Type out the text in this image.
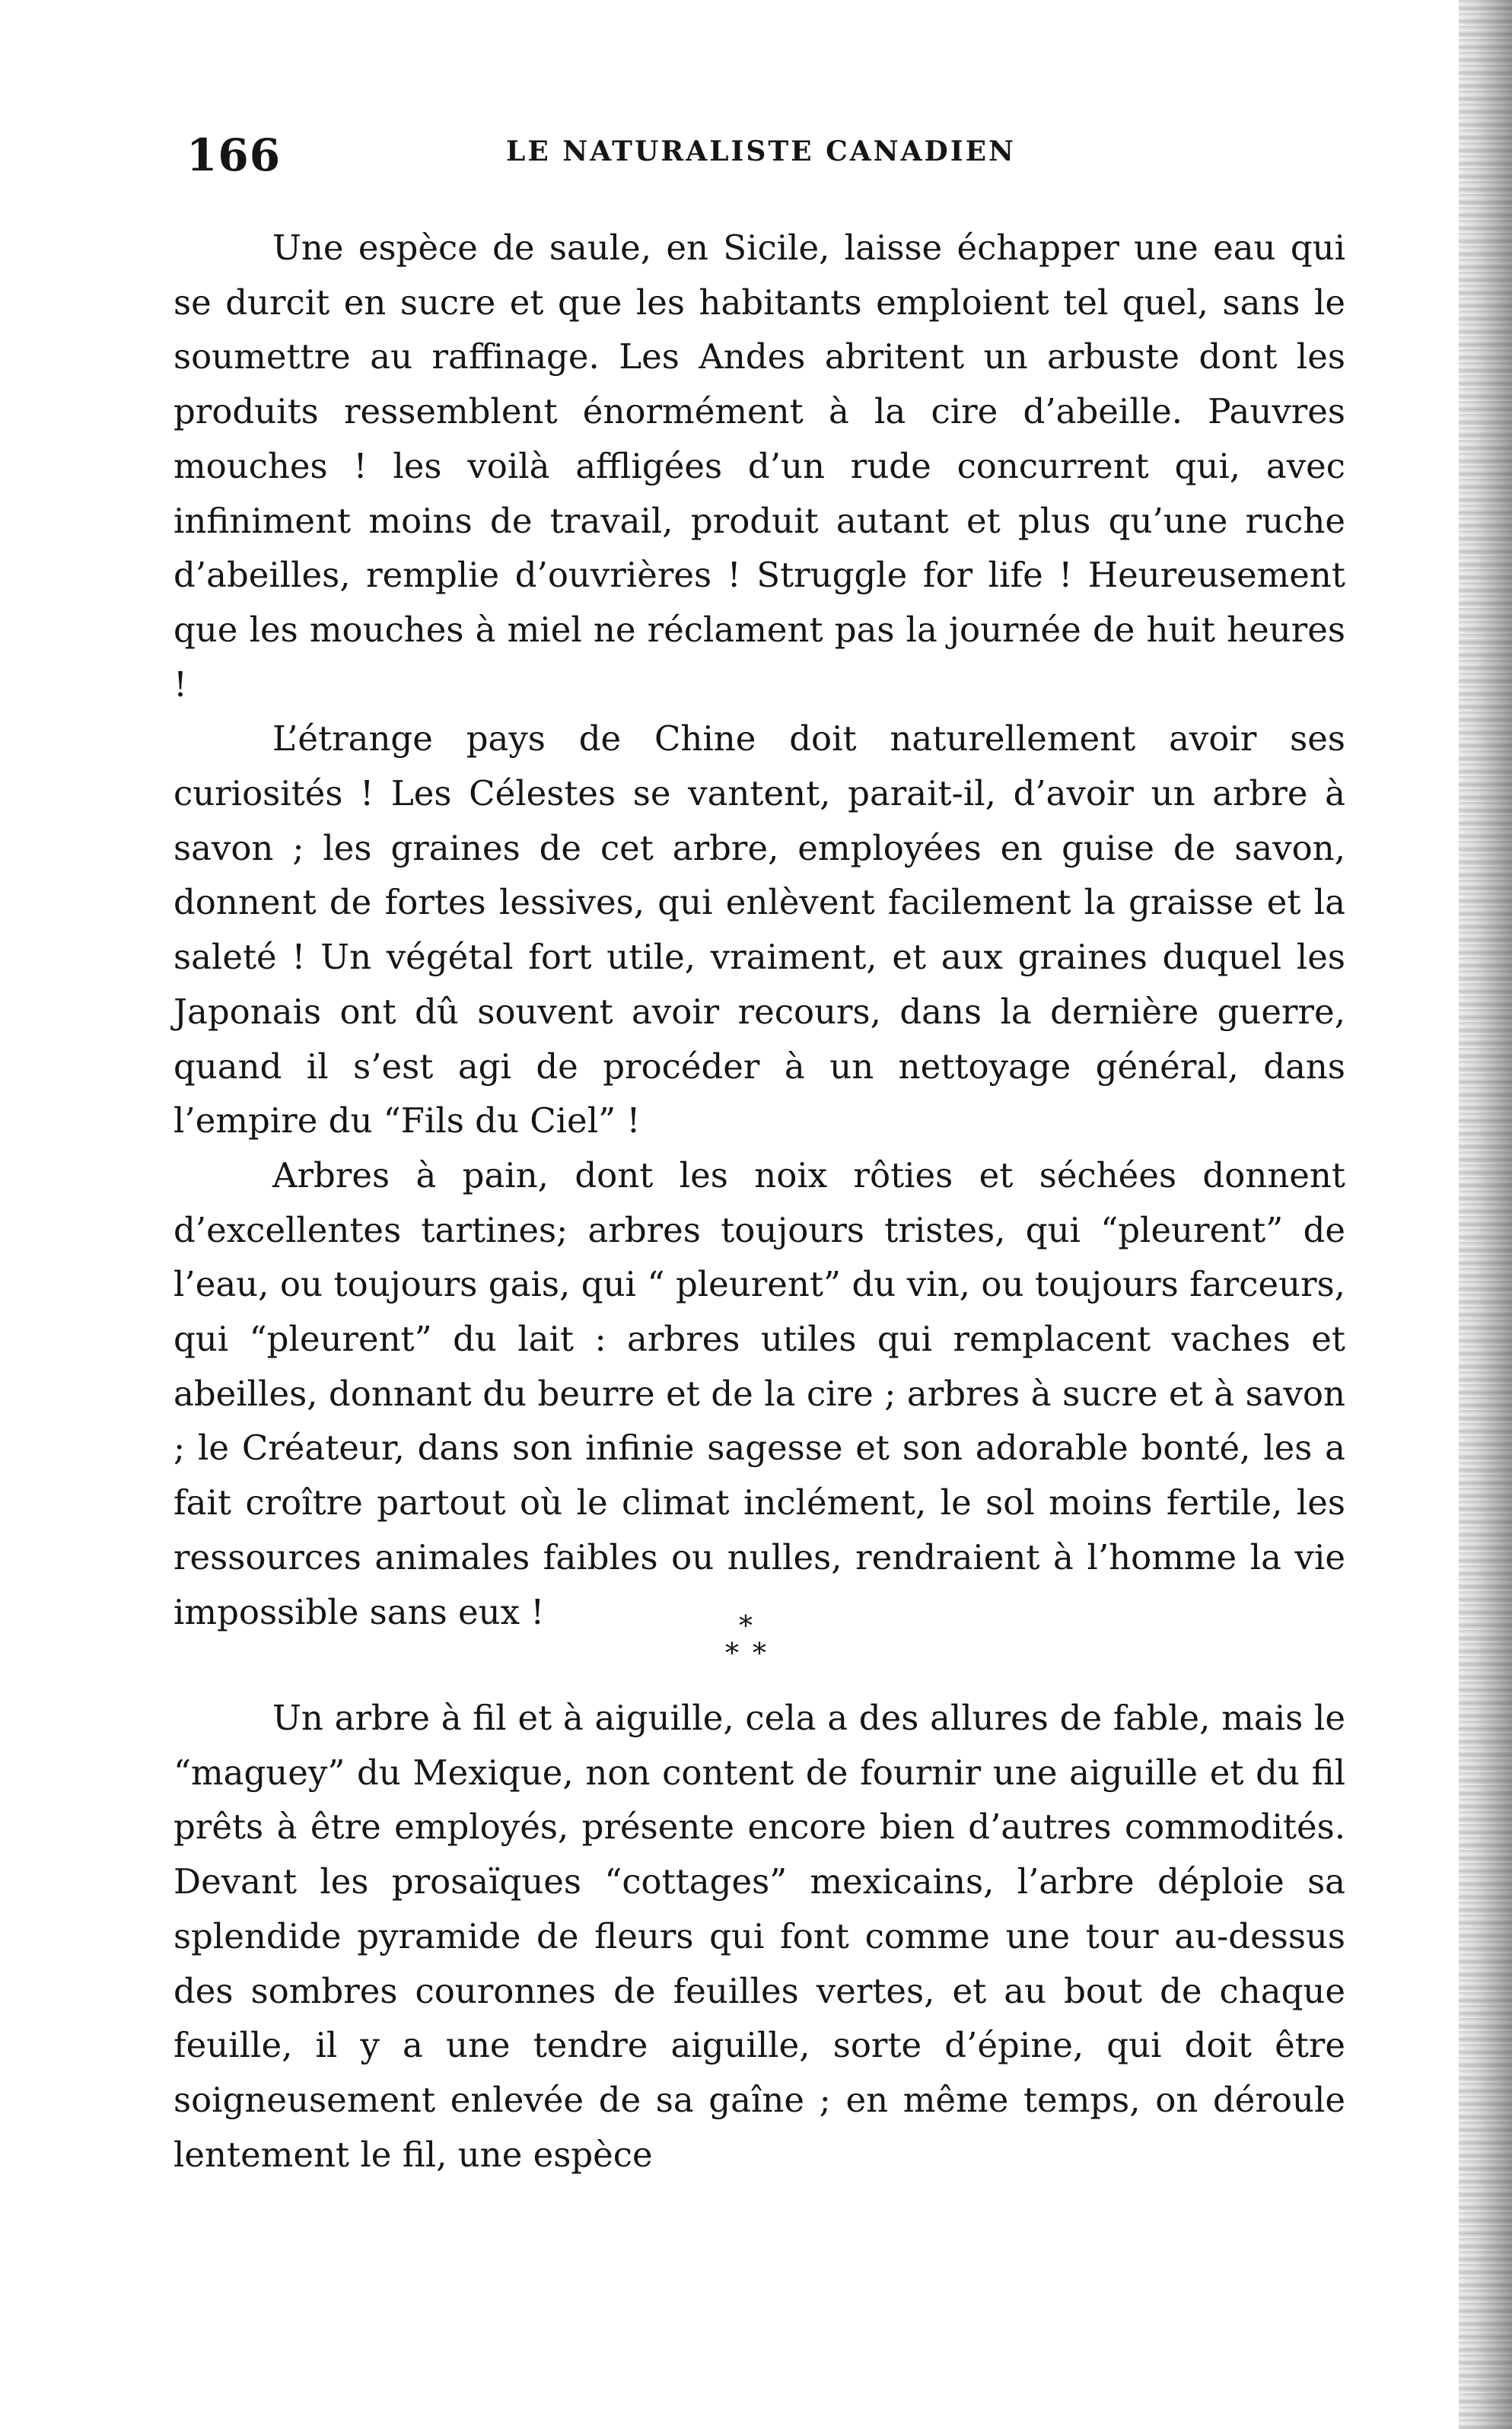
166	LE NATURALISTE CANADIEN

Une espèce de saule, en Sicile, laisse échapper une eau qui se durcit en sucre et que les habitants emploient tel quel, sans le soumettre au raffinage. Les Andes abritent un arbuste dont les produits ressemblent énormément à la cire d’abeille. Pauvres mouches ! les voilà affligées d’un rude concurrent qui, avec infiniment moins de travail, produit autant et plus qu’une ruche d’abeilles, remplie d’ouvrières ! Struggle for life ! Heureusement que les mouches à miel ne réclament pas la journée de huit heures !

L’étrange pays de Chine doit naturellement avoir ses curiosités ! Les Célestes se vantent, parait-il, d’avoir un arbre à savon ; les graines de cet arbre, employées en guise de savon, donnent de fortes lessives, qui enlèvent facilement la graisse et la saleté ! Un végétal fort utile, vraiment, et aux graines duquel les Japonais ont dû souvent avoir recours, dans la dernière guerre, quand il s’est agi de procéder à un nettoyage général, dans l’empire du “Fils du Ciel” !

Arbres à pain, dont les noix rôties et séchées donnent d’excellentes tartines; arbres toujours tristes, qui “pleurent” de l’eau, ou toujours gais, qui “ pleurent” du vin, ou toujours farceurs, qui “pleurent” du lait : arbres utiles qui remplacent vaches et abeilles, donnant du beurre et de la cire ; arbres à sucre et à savon ; le Créateur, dans son infinie sagesse et son adorable bonté, les a fait croître partout où le climat inclément, le sol moins fertile, les ressources animales faibles ou nulles, rendraient à l’homme la vie impossible sans eux !	*
**

Un arbre à fil et à aiguille, cela a des allures de fable, mais le “maguey” du Mexique, non content de fournir une aiguille et du fil prêts à être employés, présente encore bien d’autres commodités. Devant les prosaïques “cottages” mexicains, l’arbre déploie sa splendide pyramide de fleurs qui font comme une tour au-dessus des sombres couronnes de feuilles vertes, et au bout de chaque feuille, il y a une tendre aiguille, sorte d’épine, qui doit être soigneusement enlevée de sa gaîne ; en même temps, on déroule lentement le fil, une espèce
